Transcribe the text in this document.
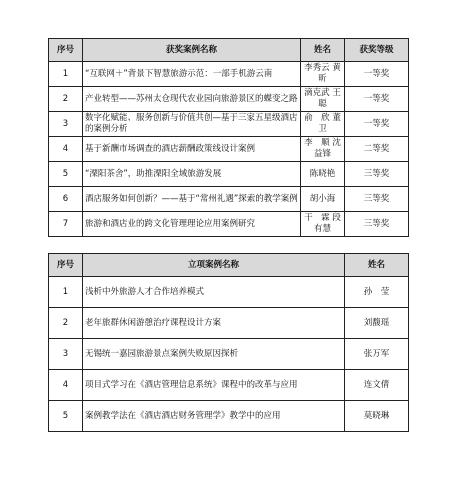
序号	获奖案例名称	姓名	获奖等级
1	“互联网＋”背景下智慧旅游示范：一部手机游云南	李秀云 黄　昕	一等奖
2	产业转型——苏州太仓现代农业园向旅游景区的蝶变之路	滴克武 王　聪	一等奖
3	数字化赋能、服务创新与价值共创—基于三家五星级酒店的案例分析	俞　欣 董　卫	一等奖
4	基于新酬市场调查的酒店薪酬政策线设计案例	李　顺 沈益锋	二等奖
5	“溧阳茶舍”，助推溧阳全域旅游发展	陈晓艳	三等奖
6	酒店服务如何创新？——基于“常州礼遇”探索的教学案例	胡小海	三等奖
7	旅游和酒店业的跨文化管理理论应用案例研究	干　霖 段有慧	三等奖
序号	立项案例名称	姓名
1	浅析中外旅游人才合作培养模式	孙　莹
2	老年旅群休闲游憩治疗课程设计方案	刘馥瑶
3	无锡统一嘉园旅游景点案例失败原因探析	张万军
4	项目式学习在《酒店管理信息系统》课程中的改革与应用	连文倩
5	案例教学法在《酒店酒店财务管理学》教学中的应用	莫晓琳
